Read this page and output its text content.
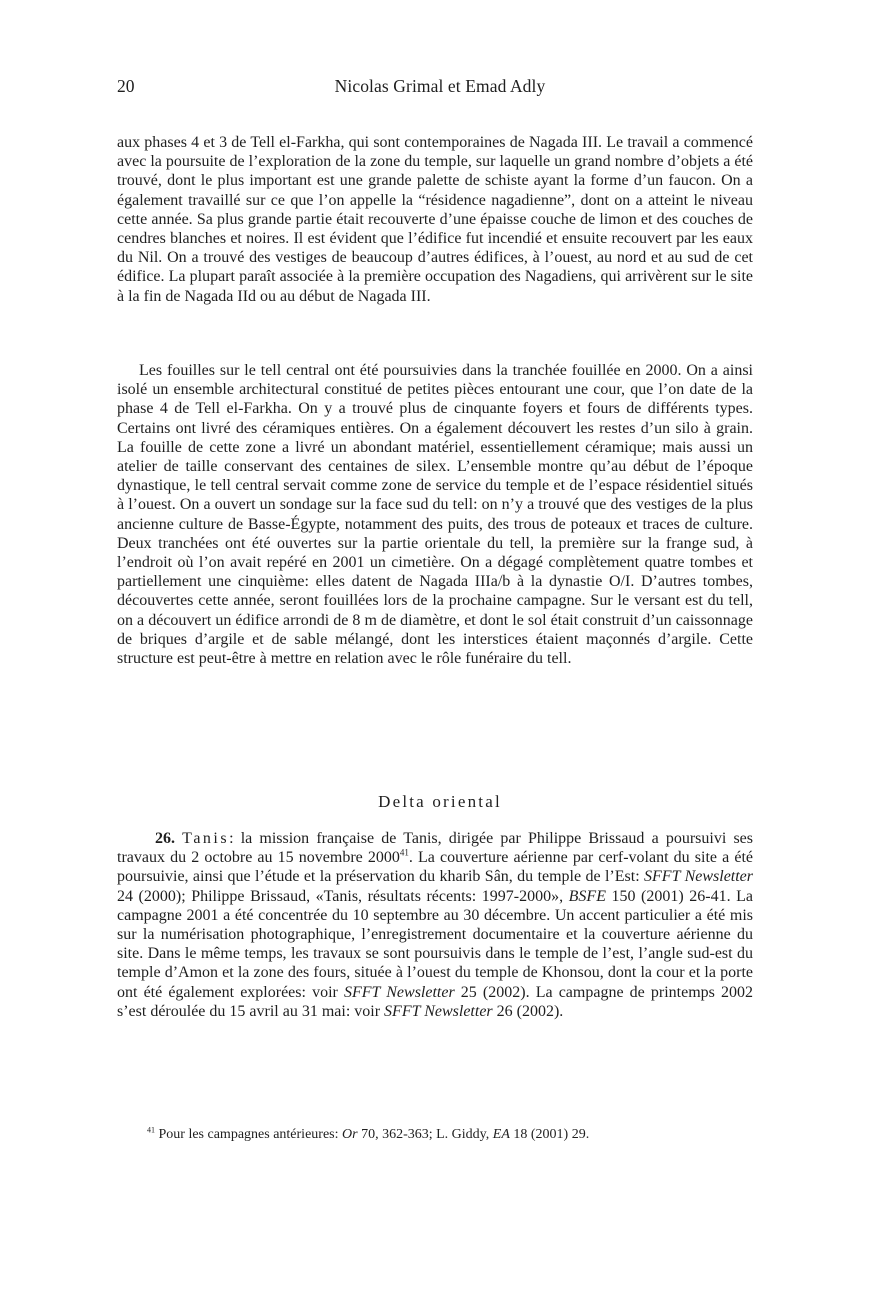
20	Nicolas Grimal et Emad Adly
aux phases 4 et 3 de Tell el-Farkha, qui sont contemporaines de Nagada III. Le travail a commencé avec la poursuite de l’exploration de la zone du temple, sur laquelle un grand nombre d’objets a été trouvé, dont le plus important est une grande palette de schiste ayant la forme d’un faucon. On a également travaillé sur ce que l’on appelle la “résidence nagadienne”, dont on a atteint le niveau cette année. Sa plus grande partie était recouverte d’une épaisse couche de limon et des couches de cendres blanches et noires. Il est évident que l’édifice fut incendié et ensuite recouvert par les eaux du Nil. On a trouvé des vestiges de beaucoup d’autres édifices, à l’ouest, au nord et au sud de cet édifice. La plupart paraît associée à la première occupation des Nagadiens, qui arrivèrent sur le site à la fin de Nagada IId ou au début de Nagada III.
Les fouilles sur le tell central ont été poursuivies dans la tranchée fouillée en 2000. On a ainsi isolé un ensemble architectural constitué de petites pièces entourant une cour, que l’on date de la phase 4 de Tell el-Farkha. On y a trouvé plus de cinquante foyers et fours de différents types. Certains ont livré des céramiques entières. On a également découvert les restes d’un silo à grain. La fouille de cette zone a livré un abondant matériel, essentiellement céramique; mais aussi un atelier de taille conservant des centaines de silex. L’ensemble montre qu’au début de l’époque dynastique, le tell central servait comme zone de service du temple et de l’espace résidentiel situés à l’ouest. On a ouvert un sondage sur la face sud du tell: on n’y a trouvé que des vestiges de la plus ancienne culture de Basse-Égypte, notamment des puits, des trous de poteaux et traces de culture. Deux tranchées ont été ouvertes sur la partie orientale du tell, la première sur la frange sud, à l’endroit où l’on avait repéré en 2001 un cimetière. On a dégagé complètement quatre tombes et partiellement une cinquième: elles datent de Nagada IIIa/b à la dynastie O/I. D’autres tombes, découvertes cette année, seront fouillées lors de la prochaine campagne. Sur le versant est du tell, on a découvert un édifice arrondi de 8 m de diamètre, et dont le sol était construit d’un caissonnage de briques d’argile et de sable mélangé, dont les interstices étaient maçonnés d’argile. Cette structure est peut-être à mettre en relation avec le rôle funéraire du tell.
Delta oriental
26. Tanis: la mission française de Tanis, dirigée par Philippe Brissaud a poursuivi ses travaux du 2 octobre au 15 novembre 2000$^{41}$. La couverture aérienne par cerf-volant du site a été poursuivie, ainsi que l’étude et la préservation du kharib Sân, du temple de l’Est: SFFT Newsletter 24 (2000); Philippe Brissaud, «Tanis, résultats récents: 1997-2000», BSFE 150 (2001) 26-41. La campagne 2001 a été concentrée du 10 septembre au 30 décembre. Un accent particulier a été mis sur la numérisation photographique, l’enregistrement documentaire et la couverture aérienne du site. Dans le même temps, les travaux se sont poursuivis dans le temple de l’est, l’angle sud-est du temple d’Amon et la zone des fours, située à l’ouest du temple de Khonsou, dont la cour et la porte ont été également explorées: voir SFFT Newsletter 25 (2002). La campagne de printemps 2002 s’est déroulée du 15 avril au 31 mai: voir SFFT Newsletter 26 (2002).
$^{41}$ Pour les campagnes antérieures: Or 70, 362-363; L. Giddy, EA 18 (2001) 29.
